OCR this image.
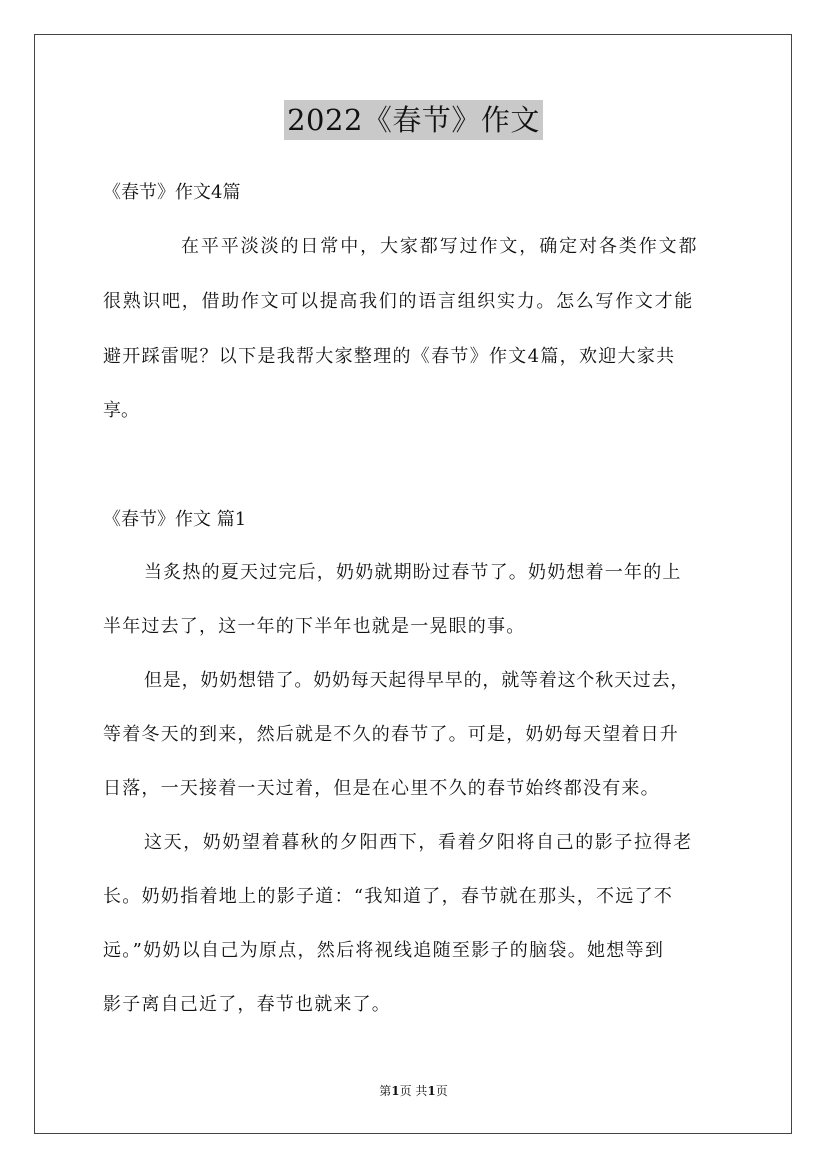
2022《春节》作文
《春节》作文4篇
在平平淡淡的日常中，大家都写过作文，确定对各类作文都
很熟识吧，借助作文可以提高我们的语言组织实力。怎么写作文才能
避开踩雷呢？以下是我帮大家整理的《春节》作文4篇，欢迎大家共
享。
《春节》作文 篇1
当炙热的夏天过完后，奶奶就期盼过春节了。奶奶想着一年的上
半年过去了，这一年的下半年也就是一晃眼的事。
但是，奶奶想错了。奶奶每天起得早早的，就等着这个秋天过去，
等着冬天的到来，然后就是不久的春节了。可是，奶奶每天望着日升
日落，一天接着一天过着，但是在心里不久的春节始终都没有来。
这天，奶奶望着暮秋的夕阳西下，看着夕阳将自己的影子拉得老
长。奶奶指着地上的影子道：“我知道了，春节就在那头，不远了不
远。”奶奶以自己为原点，然后将视线追随至影子的脑袋。她想等到
影子离自己近了，春节也就来了。
第1页 共1页
